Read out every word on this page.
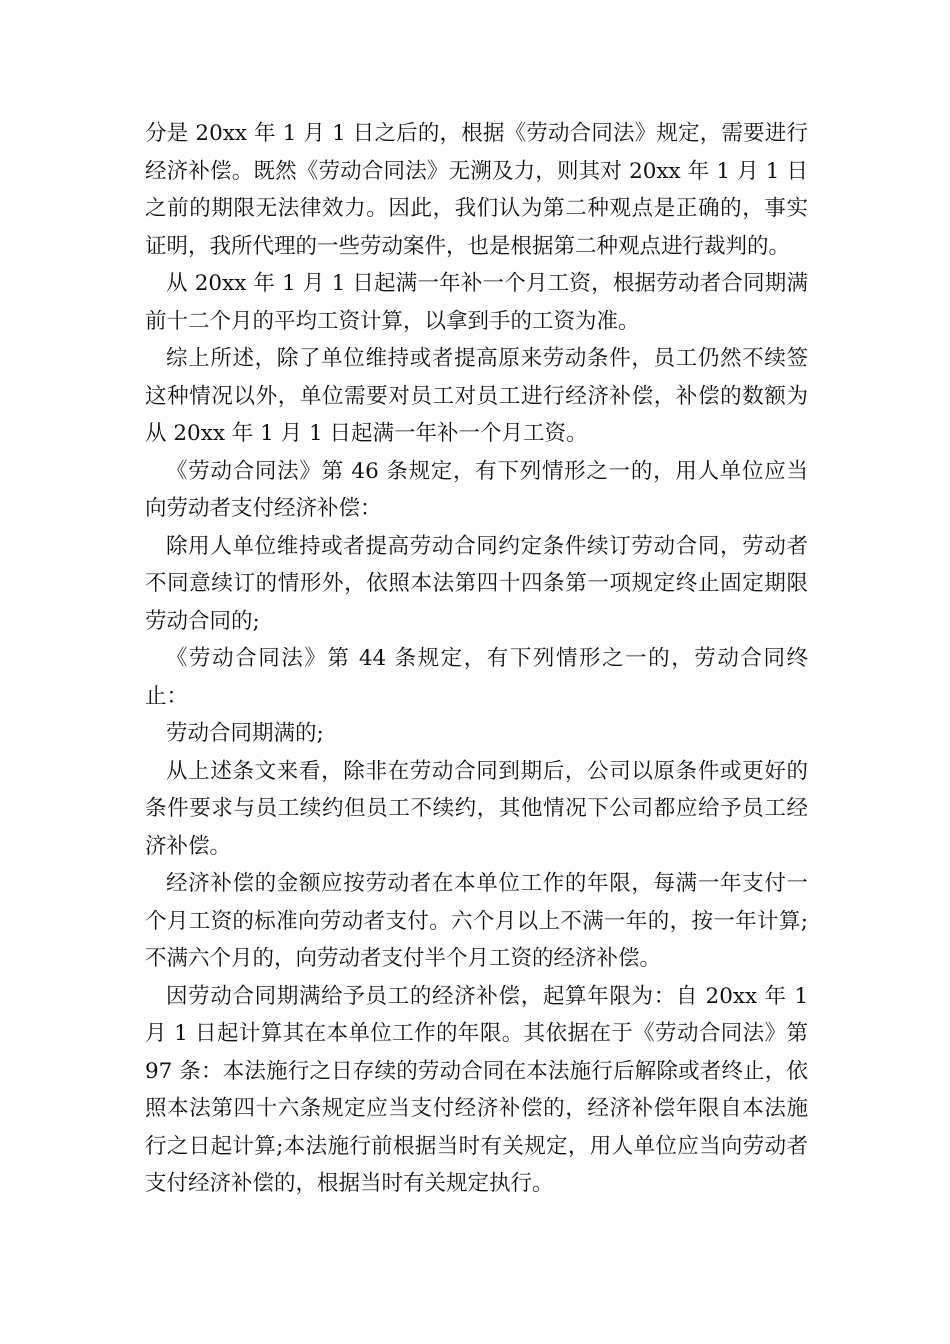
分是 20xx 年 1 月 1 日之后的，根据《劳动合同法》规定，需要进行经济补偿。既然《劳动合同法》无溯及力，则其对 20xx 年 1 月 1 日之前的期限无法律效力。因此，我们认为第二种观点是正确的，事实证明，我所代理的一些劳动案件，也是根据第二种观点进行裁判的。

从 20xx 年 1 月 1 日起满一年补一个月工资，根据劳动者合同期满前十二个月的平均工资计算，以拿到手的工资为准。

综上所述，除了单位维持或者提高原来劳动条件，员工仍然不续签这种情况以外，单位需要对员工对员工进行经济补偿，补偿的数额为从 20xx 年 1 月 1 日起满一年补一个月工资。

《劳动合同法》第 46 条规定，有下列情形之一的，用人单位应当向劳动者支付经济补偿：

除用人单位维持或者提高劳动合同约定条件续订劳动合同，劳动者不同意续订的情形外，依照本法第四十四条第一项规定终止固定期限劳动合同的;

《劳动合同法》第 44 条规定，有下列情形之一的，劳动合同终止：

劳动合同期满的;

从上述条文来看，除非在劳动合同到期后，公司以原条件或更好的条件要求与员工续约但员工不续约，其他情况下公司都应给予员工经济补偿。

经济补偿的金额应按劳动者在本单位工作的年限，每满一年支付一个月工资的标准向劳动者支付。六个月以上不满一年的，按一年计算;不满六个月的，向劳动者支付半个月工资的经济补偿。

因劳动合同期满给予员工的经济补偿，起算年限为：自 20xx 年 1 月 1 日起计算其在本单位工作的年限。其依据在于《劳动合同法》第 97 条：本法施行之日存续的劳动合同在本法施行后解除或者终止，依照本法第四十六条规定应当支付经济补偿的，经济补偿年限自本法施行之日起计算;本法施行前根据当时有关规定，用人单位应当向劳动者支付经济补偿的，根据当时有关规定执行。
